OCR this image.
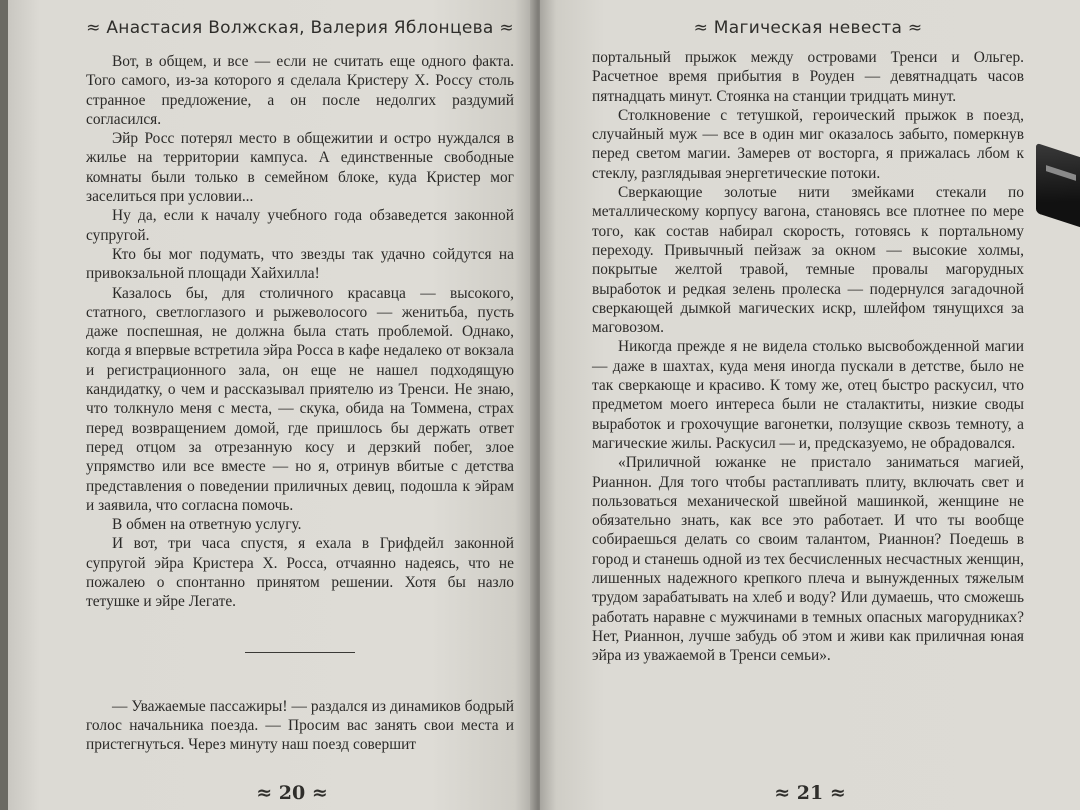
≈ Анастасия Волжская, Валерия Яблонцева ≈

Вот, в общем, и все — если не считать еще одного факта. Того самого, из-за которого я сделала Кристеру Х. Россу столь странное предложение, а он после недолгих раздумий согласился.

Эйр Росс потерял место в общежитии и остро нуждался в жилье на территории кампуса. А единственные свободные комнаты были только в семейном блоке, куда Кристер мог заселиться при условии...

Ну да, если к началу учебного года обзаведется законной супругой.

Кто бы мог подумать, что звезды так удачно сойдутся на привокзальной площади Хайхилла!

Казалось бы, для столичного красавца — высокого, статного, светлоглазого и рыжеволосого — женитьба, пусть даже поспешная, не должна была стать проблемой. Однако, когда я впервые встретила эйра Росса в кафе недалеко от вокзала и регистрационного зала, он еще не нашел подходящую кандидатку, о чем и рассказывал приятелю из Тренси. Не знаю, что толкнуло меня с места, — скука, обида на Томмена, страх перед возвращением домой, где пришлось бы держать ответ перед отцом за отрезанную косу и дерзкий побег, злое упрямство или все вместе — но я, отринув вбитые с детства представления о поведении приличных девиц, подошла к эйрам и заявила, что согласна помочь.

В обмен на ответную услугу.

И вот, три часа спустя, я ехала в Грифдейл законной супругой эйра Кристера Х. Росса, отчаянно надеясь, что не пожалею о спонтанно принятом решении. Хотя бы назло тетушке и эйре Легате.

— Уважаемые пассажиры! — раздался из динамиков бодрый голос начальника поезда. — Просим вас занять свои места и пристегнуться. Через минуту наш поезд совершит

≈ 20 ≈
≈ Магическая невеста ≈

портальный прыжок между островами Тренси и Ольгер. Расчетное время прибытия в Роуден — девятнадцать часов пятнадцать минут. Стоянка на станции тридцать минут.

Столкновение с тетушкой, героический прыжок в поезд, случайный муж — все в один миг оказалось забыто, померкнув перед светом магии. Замерев от восторга, я прижалась лбом к стеклу, разглядывая энергетические потоки.

Сверкающие золотые нити змейками стекали по металлическому корпусу вагона, становясь все плотнее по мере того, как состав набирал скорость, готовясь к портальному переходу. Привычный пейзаж за окном — высокие холмы, покрытые желтой травой, темные провалы магорудных выработок и редкая зелень пролеска — подернулся загадочной сверкающей дымкой магических искр, шлейфом тянущихся за маговозом.

Никогда прежде я не видела столько высвобожденной магии — даже в шахтах, куда меня иногда пускали в детстве, было не так сверкающе и красиво. К тому же, отец быстро раскусил, что предметом моего интереса были не сталактиты, низкие своды выработок и грохочущие вагонетки, ползущие сквозь темноту, а магические жилы. Раскусил — и, предсказуемо, не обрадовался.

«Приличной южанке не пристало заниматься магией, Рианнон. Для того чтобы растапливать плиту, включать свет и пользоваться механической швейной машинкой, женщине не обязательно знать, как все это работает. И что ты вообще собираешься делать со своим талантом, Рианнон? Поедешь в город и станешь одной из тех бесчисленных несчастных женщин, лишенных надежного крепкого плеча и вынужденных тяжелым трудом зарабатывать на хлеб и воду? Или думаешь, что сможешь работать наравне с мужчинами в темных опасных магорудниках? Нет, Рианнон, лучше забудь об этом и живи как приличная юная эйра из уважаемой в Тренси семьи».

≈ 21 ≈
